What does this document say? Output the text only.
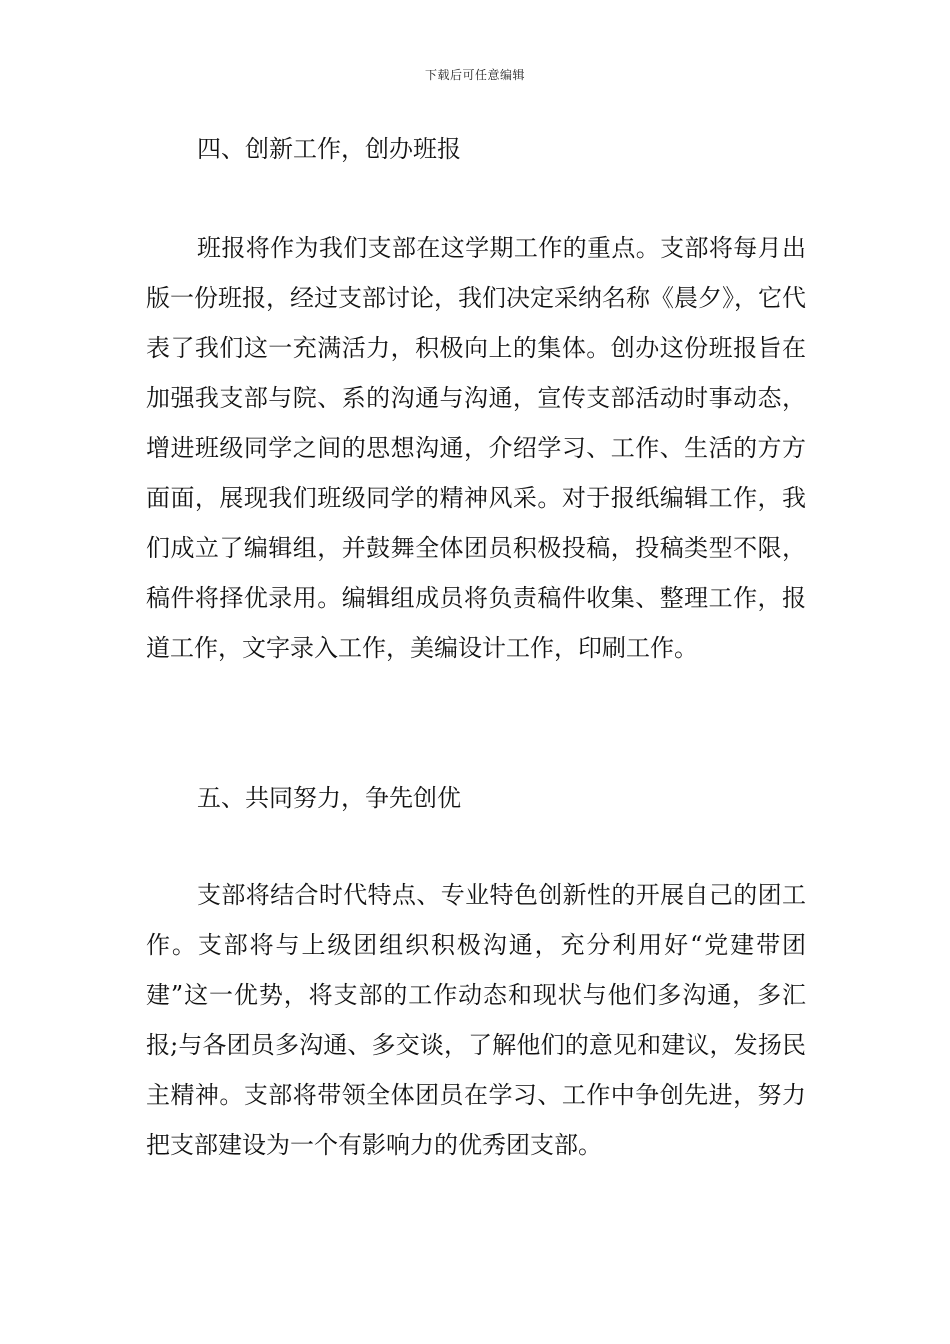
下载后可任意编辑
四、创新工作，创办班报

班报将作为我们支部在这学期工作的重点。支部将每月出版一份班报，经过支部讨论，我们决定采纳名称《晨夕》，它代表了我们这一充满活力，积极向上的集体。创办这份班报旨在加强我支部与院、系的沟通与沟通，宣传支部活动时事动态，增进班级同学之间的思想沟通，介绍学习、工作、生活的方方面面，展现我们班级同学的精神风采。对于报纸编辑工作，我们成立了编辑组，并鼓舞全体团员积极投稿，投稿类型不限，稿件将择优录用。编辑组成员将负责稿件收集、整理工作，报道工作，文字录入工作，美编设计工作，印刷工作。

五、共同努力，争先创优

支部将结合时代特点、专业特色创新性的开展自己的团工作。支部将与上级团组织积极沟通，充分利用好“党建带团建”这一优势，将支部的工作动态和现状与他们多沟通，多汇报;与各团员多沟通、多交谈，了解他们的意见和建议，发扬民主精神。支部将带领全体团员在学习、工作中争创先进，努力把支部建设为一个有影响力的优秀团支部。
